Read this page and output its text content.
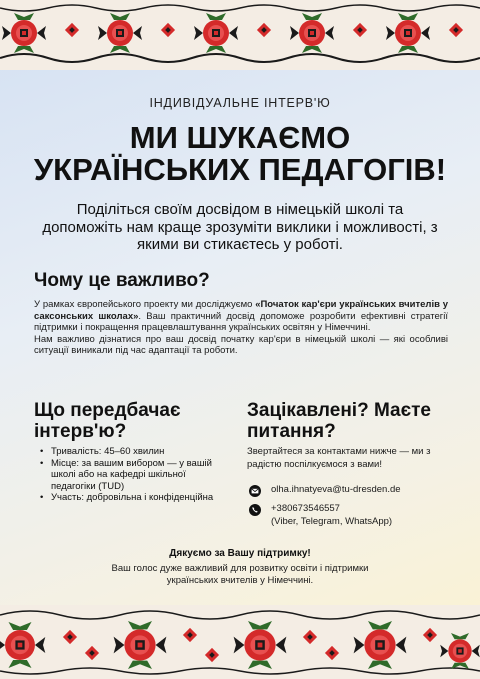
ІНДИВІДУАЛЬНЕ ІНТЕРВ'Ю
МИ ШУКАЄМО
УКРАЇНСЬКИХ ПЕДАГОГІВ!
Поділіться своїм досвідом в німецькій школі та допоможіть нам краще зрозуміти виклики і можливості, з якими ви стикаєтесь у роботі.
Чому це важливо?

У рамках європейського проекту ми досліджуємо «Початок кар'єри українських вчителів у саксонських школах». Ваш практичний досвід допоможе розробити ефективні стратегії підтримки і покращення працевлаштування українських освітян у Німеччині.

Нам важливо дізнатися про ваш досвід початку кар'єри в німецькій школі — які особливі ситуації виникали під час адаптації та роботи.

Що передбачає інтерв'ю?
• Тривалість: 45–60 хвилин
• Місце: за вашим вибором — у вашій школі або на кафедрі шкільної педагогіки (TUD)
• Участь: добровільна і конфіденційна
Зацікавлені? Маєте питання?
Звертайтеся за контактами нижче — ми з радістю поспілкуємося з вами!
olha.ihnatyeva@tu-dresden.de
+380673546557
(Viber, Telegram, WhatsApp)
Дякуємо за Вашу підтримку!
Ваш голос дуже важливий для розвитку освіти і підтримки українських вчителів у Німеччині.
